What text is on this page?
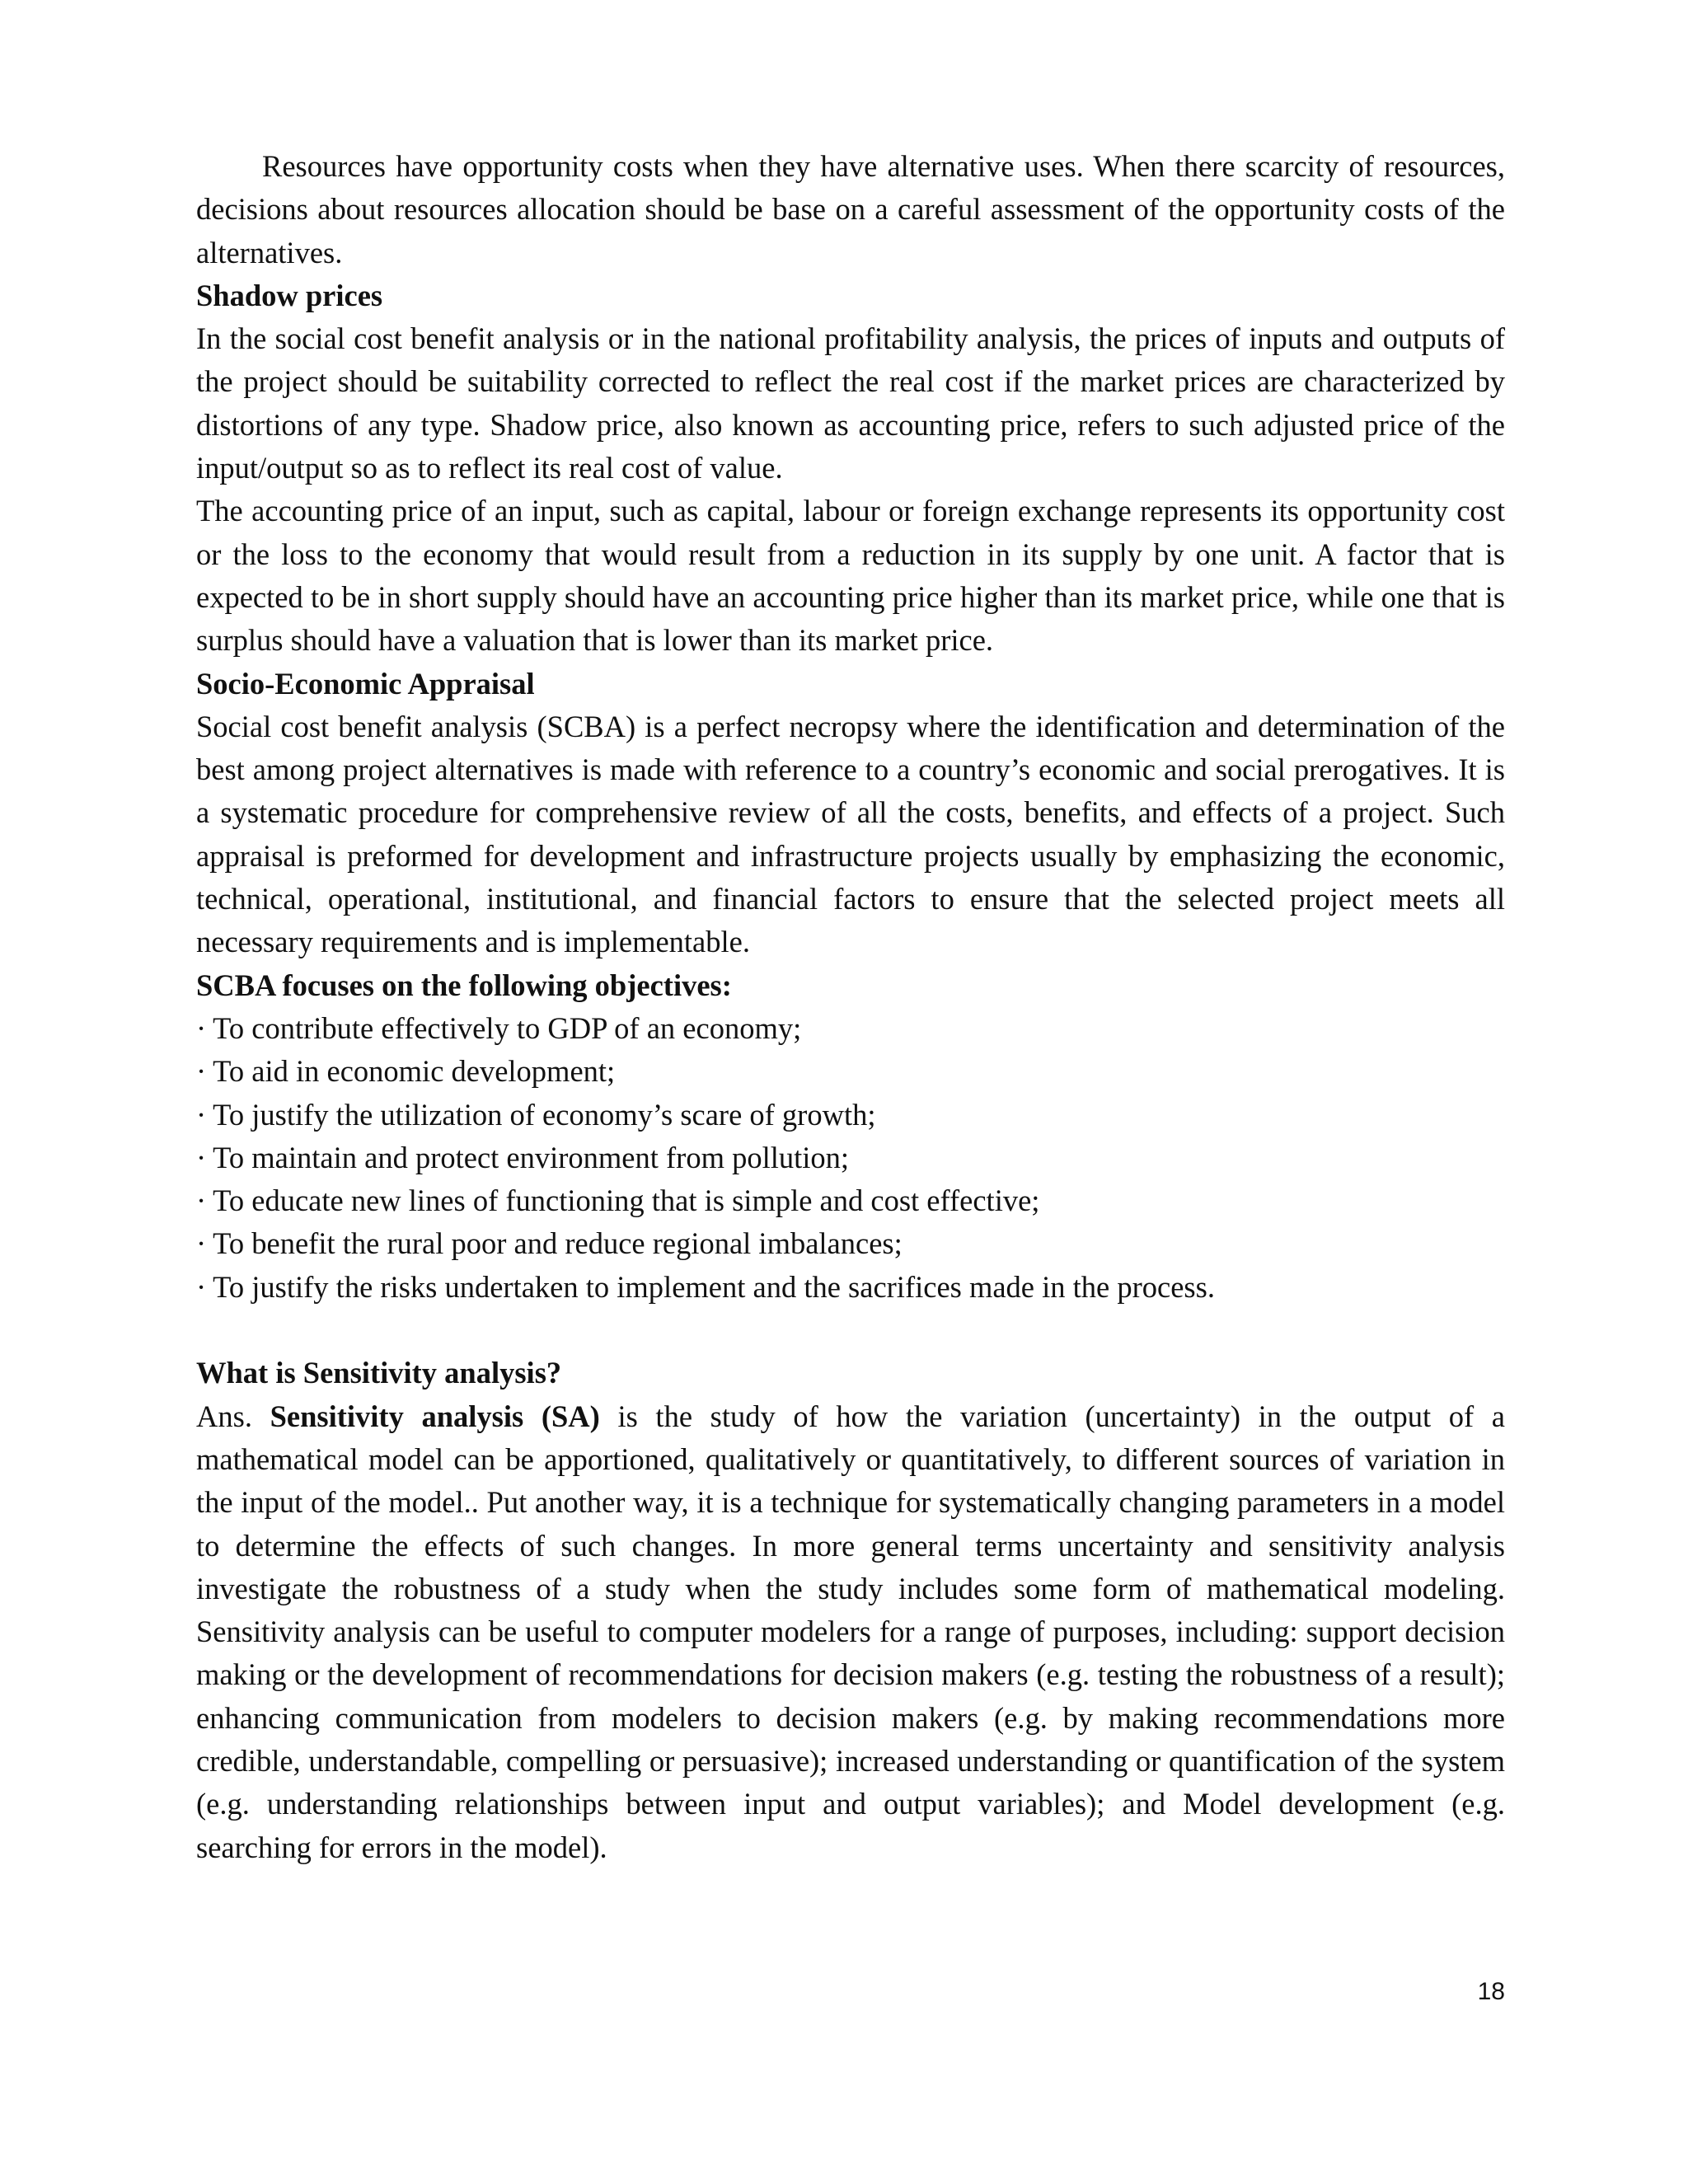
Resources have opportunity costs when they have alternative uses. When there scarcity of resources, decisions about resources allocation should be base on a careful assessment of the opportunity costs of the alternatives.

Shadow prices

In the social cost benefit analysis or in the national profitability analysis, the prices of inputs and outputs of the project should be suitability corrected to reflect the real cost if the market prices are characterized by distortions of any type. Shadow price, also known as accounting price, refers to such adjusted price of the input/output so as to reflect its real cost of value.

The accounting price of an input, such as capital, labour or foreign exchange represents its opportunity cost or the loss to the economy that would result from a reduction in its supply by one unit. A factor that is expected to be in short supply should have an accounting price higher than its market price, while one that is surplus should have a valuation that is lower than its market price.

Socio-Economic Appraisal

Social cost benefit analysis (SCBA) is a perfect necropsy where the identification and determination of the best among project alternatives is made with reference to a country’s economic and social prerogatives. It is a systematic procedure for comprehensive review of all the costs, benefits, and effects of a project. Such appraisal is preformed for development and infrastructure projects usually by emphasizing the economic, technical, operational, institutional, and financial factors to ensure that the selected project meets all necessary requirements and is implementable.

SCBA focuses on the following objectives:

· To contribute effectively to GDP of an economy;
· To aid in economic development;
· To justify the utilization of economy’s scare of growth;
· To maintain and protect environment from pollution;
· To educate new lines of functioning that is simple and cost effective;
· To benefit the rural poor and reduce regional imbalances;
· To justify the risks undertaken to implement and the sacrifices made in the process.

What is Sensitivity analysis?

Ans. Sensitivity analysis (SA) is the study of how the variation (uncertainty) in the output of a mathematical model can be apportioned, qualitatively or quantitatively, to different sources of variation in the input of the model.. Put another way, it is a technique for systematically changing parameters in a model to determine the effects of such changes. In more general terms uncertainty and sensitivity analysis investigate the robustness of a study when the study includes some form of mathematical modeling. Sensitivity analysis can be useful to computer modelers for a range of purposes, including: support decision making or the development of recommendations for decision makers (e.g. testing the robustness of a result); enhancing communication from modelers to decision makers (e.g. by making recommendations more credible, understandable, compelling or persuasive); increased understanding or quantification of the system (e.g. understanding relationships between input and output variables); and Model development (e.g. searching for errors in the model).

18
